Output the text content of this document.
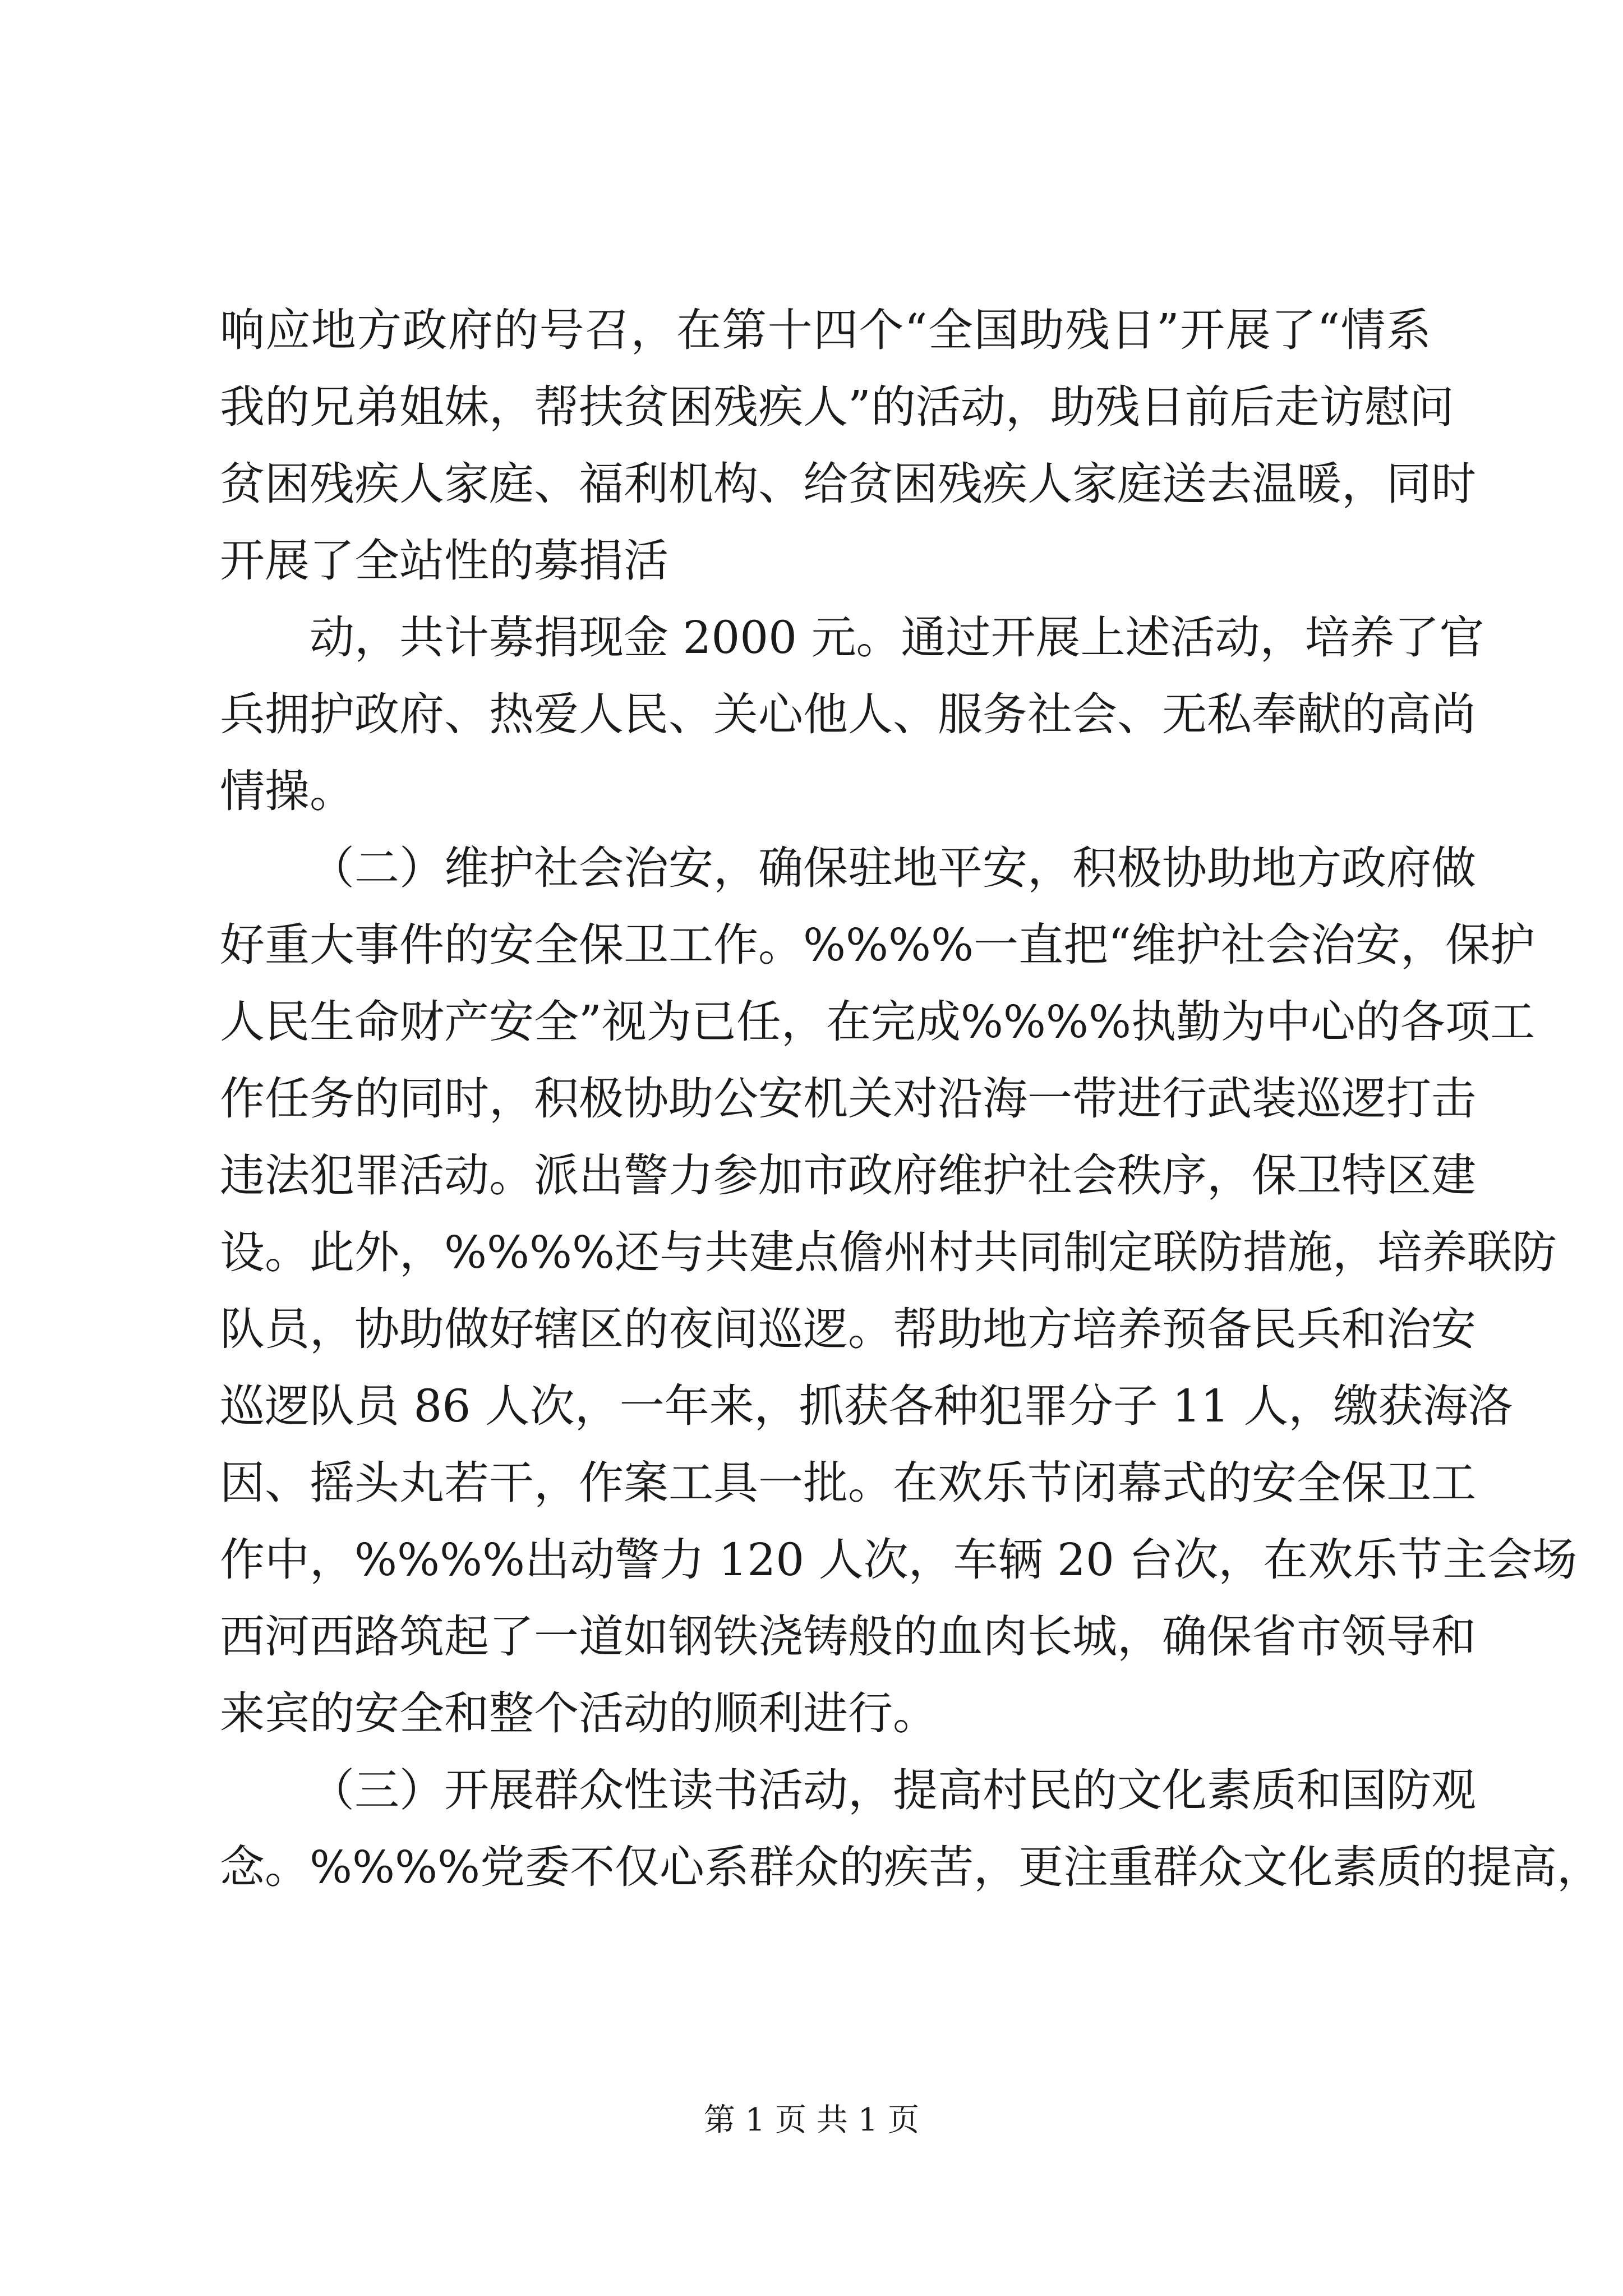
响应地方政府的号召，在第十四个“全国助残日”开展了“情系
我的兄弟姐妹，帮扶贫困残疾人”的活动，助残日前后走访慰问
贫困残疾人家庭、福利机构、给贫困残疾人家庭送去温暖，同时
开展了全站性的募捐活
动，共计募捐现金 2000 元。通过开展上述活动，培养了官
兵拥护政府、热爱人民、关心他人、服务社会、无私奉献的高尚
情操。
（二）维护社会治安，确保驻地平安，积极协助地方政府做
好重大事件的安全保卫工作。%%%%一直把“维护社会治安，保护
人民生命财产安全”视为已任，在完成%%%%执勤为中心的各项工
作任务的同时，积极协助公安机关对沿海一带进行武装巡逻打击
违法犯罪活动。派出警力参加市政府维护社会秩序，保卫特区建
设。此外，%%%%还与共建点儋州村共同制定联防措施，培养联防
队员，协助做好辖区的夜间巡逻。帮助地方培养预备民兵和治安
巡逻队员 86 人次，一年来，抓获各种犯罪分子 11 人，缴获海洛
因、摇头丸若干，作案工具一批。在欢乐节闭幕式的安全保卫工
作中，%%%%出动警力 120 人次，车辆 20 台次，在欢乐节主会场
西河西路筑起了一道如钢铁浇铸般的血肉长城，确保省市领导和
来宾的安全和整个活动的顺利进行。
（三）开展群众性读书活动，提高村民的文化素质和国防观
念。%%%%党委不仅心系群众的疾苦，更注重群众文化素质的提高，
第 1 页 共 1 页
